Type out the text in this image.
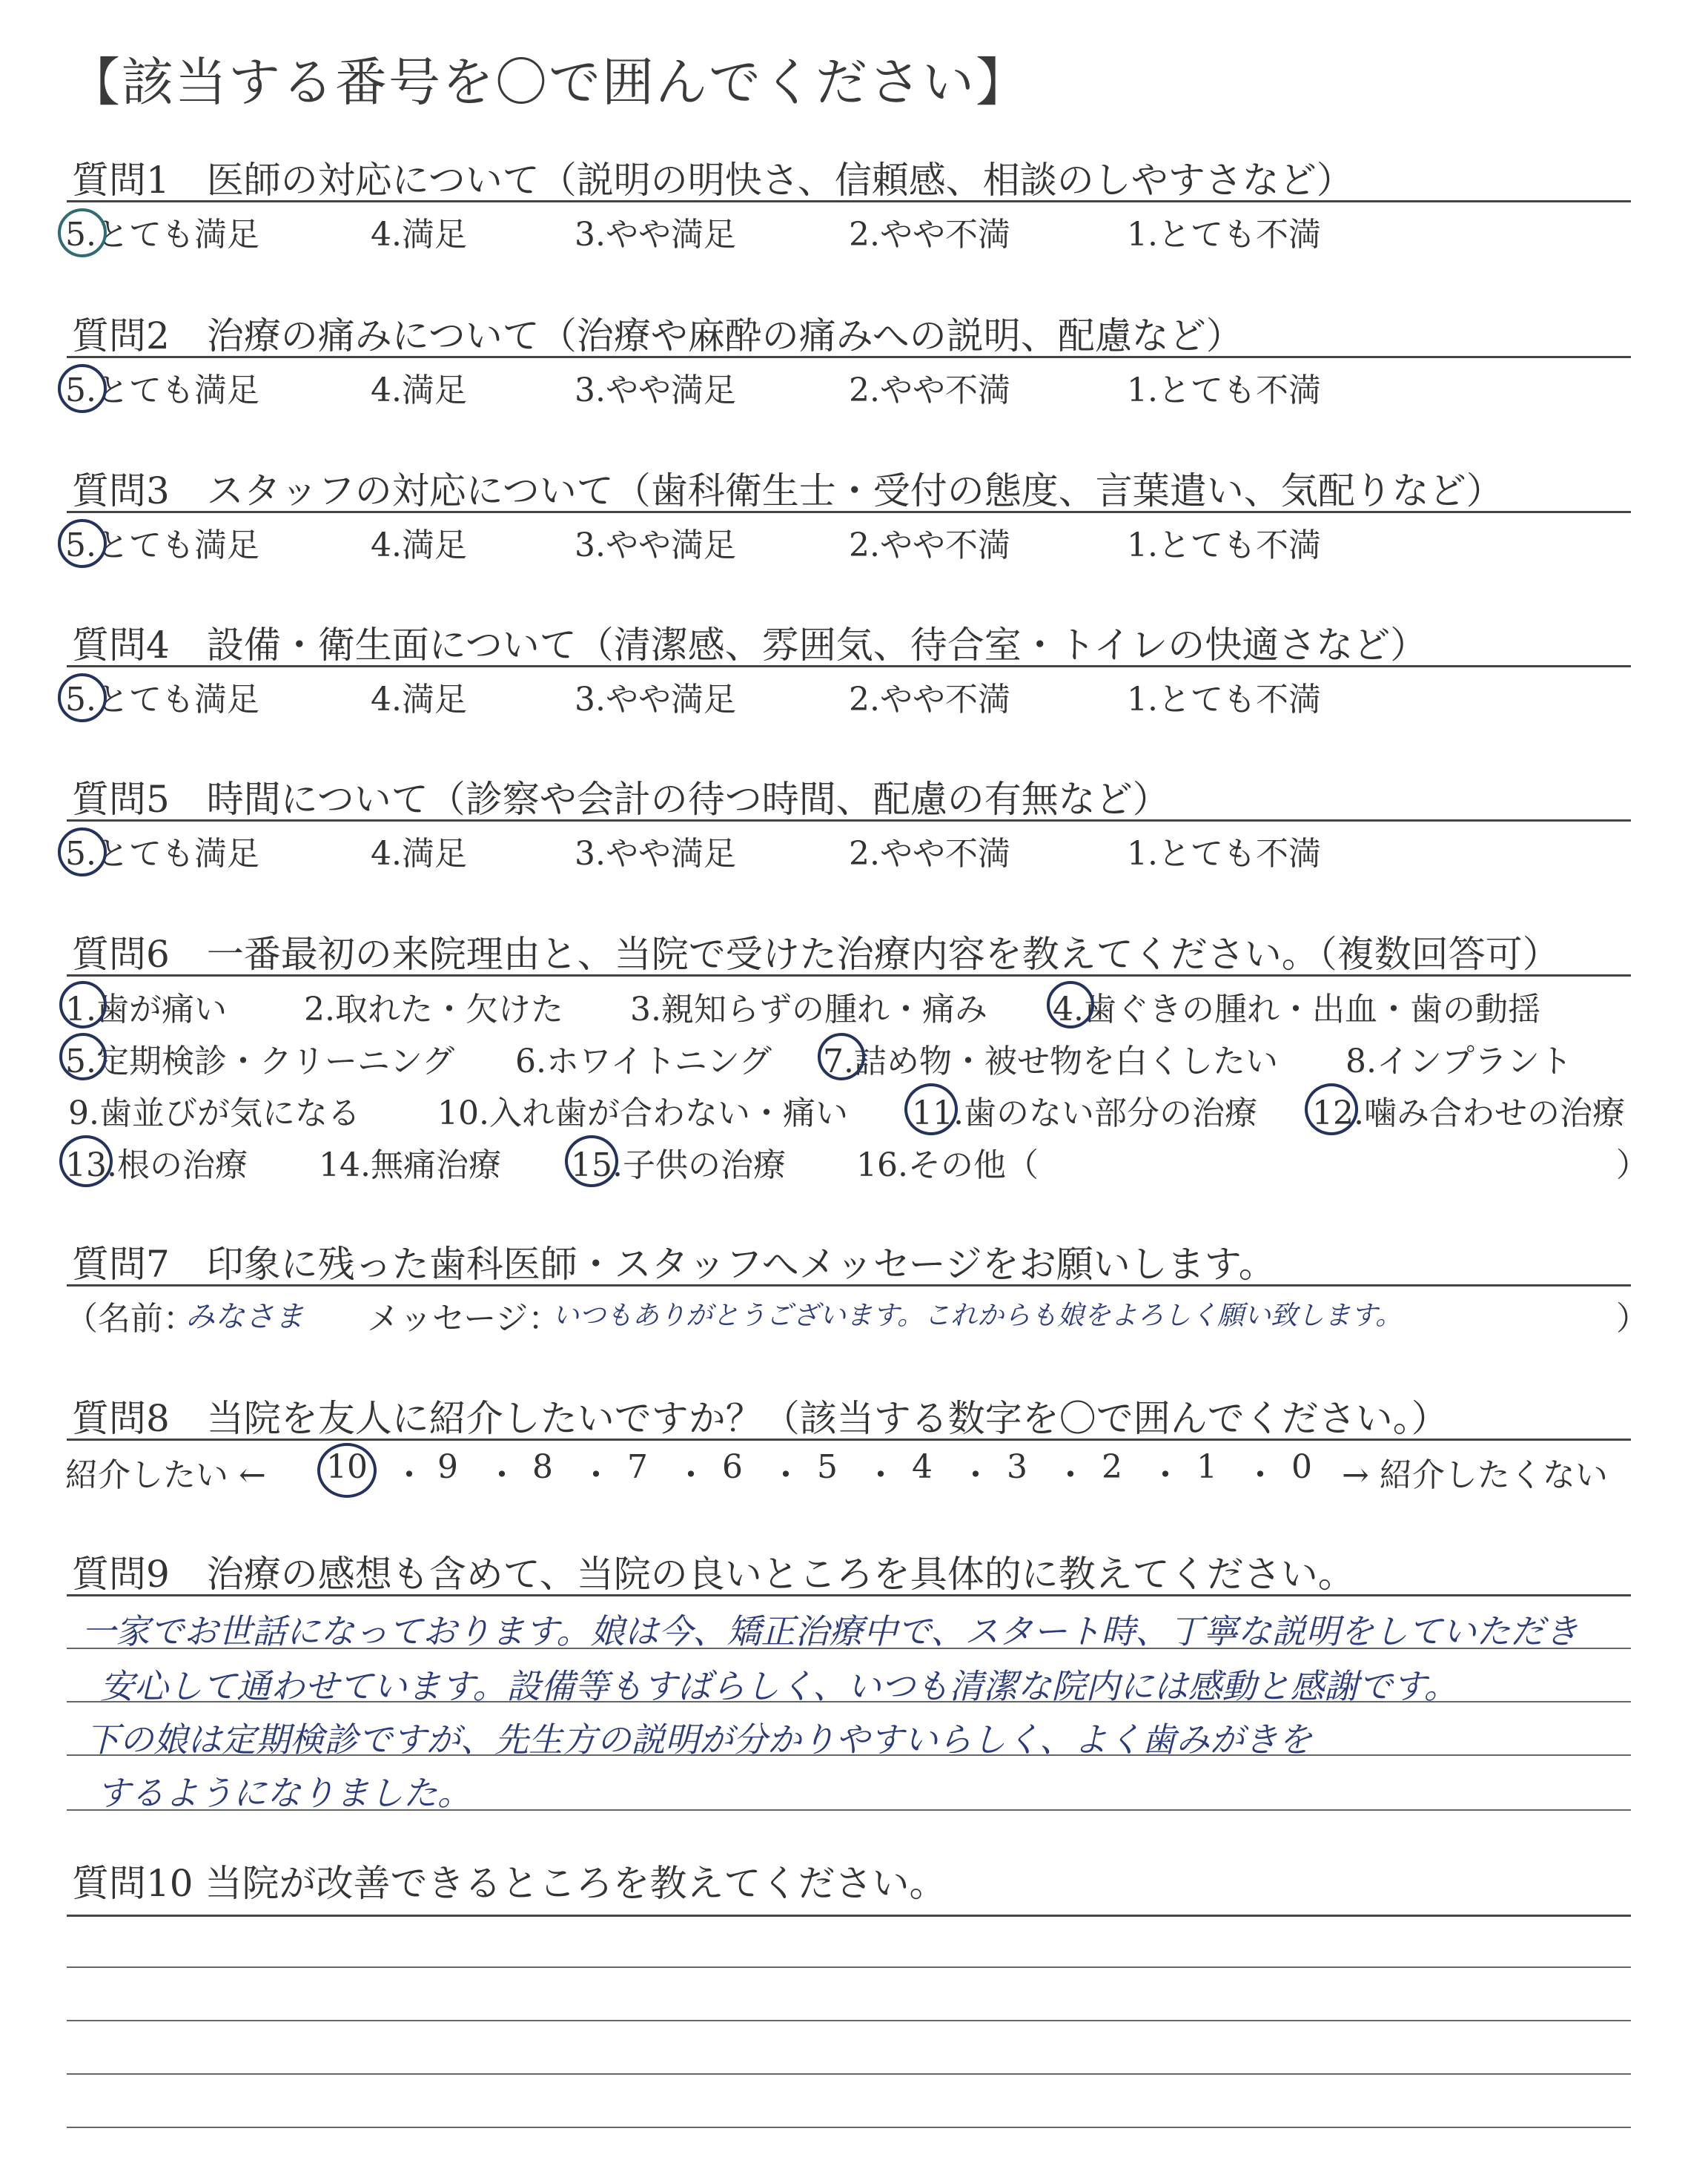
【該当する番号を〇で囲んでください】
質問1　医師の対応について（説明の明快さ、信頼感、相談のしやすさなど）
5.とても満足	4.満足	3.やや満足	2.やや不満	1.とても不満
質問2　治療の痛みについて（治療や麻酔の痛みへの説明、配慮など）
5.とても満足	4.満足	3.やや満足	2.やや不満	1.とても不満
質問3　スタッフの対応について（歯科衛生士・受付の態度、言葉遣い、気配りなど）
5.とても満足	4.満足	3.やや満足	2.やや不満	1.とても不満
質問4　設備・衛生面について（清潔感、雰囲気、待合室・トイレの快適さなど）
5.とても満足	4.満足	3.やや満足	2.やや不満	1.とても不満
質問5　時間について（診察や会計の待つ時間、配慮の有無など）
5.とても満足	4.満足	3.やや満足	2.やや不満	1.とても不満
質問6　一番最初の来院理由と、当院で受けた治療内容を教えてください。（複数回答可）
1.歯が痛い 2.取れた・欠けた 3.親知らずの腫れ・痛み 4.歯ぐきの腫れ・出血・歯の動揺
5.定期検診・クリーニング 6.ホワイトニング 7.詰め物・被せ物を白くしたい 8.インプラント
9.歯並びが気になる 10.入れ歯が合わない・痛い 11.歯のない部分の治療 12.噛み合わせの治療
13.根の治療 14.無痛治療 15.子供の治療 16.その他（	）
質問7　印象に残った歯科医師・スタッフへメッセージをお願いします。
（名前：
みなさま メッセージ：
いつもありがとうございます。これからも娘をよろしく願い致します。	）
質問8　当院を友人に紹介したいですか？（該当する数字を〇で囲んでください。）
紹介したい ← 10 ・ 9 ・ 8 ・ 7 ・ 6 ・ 5 ・ 4 ・ 3 ・ 2 ・ 1 ・ 0 → 紹介したくない
質問9　治療の感想も含めて、当院の良いところを具体的に教えてください。
一家でお世話になっております。娘は今、矯正治療中で、スタート時、丁寧な説明をしていただき
安心して通わせています。設備等もすばらしく、いつも清潔な院内には感動と感謝です。
下の娘は定期検診ですが、先生方の説明が分かりやすいらしく、よく歯みがきを
するようになりました。
質問10 当院が改善できるところを教えてください。
